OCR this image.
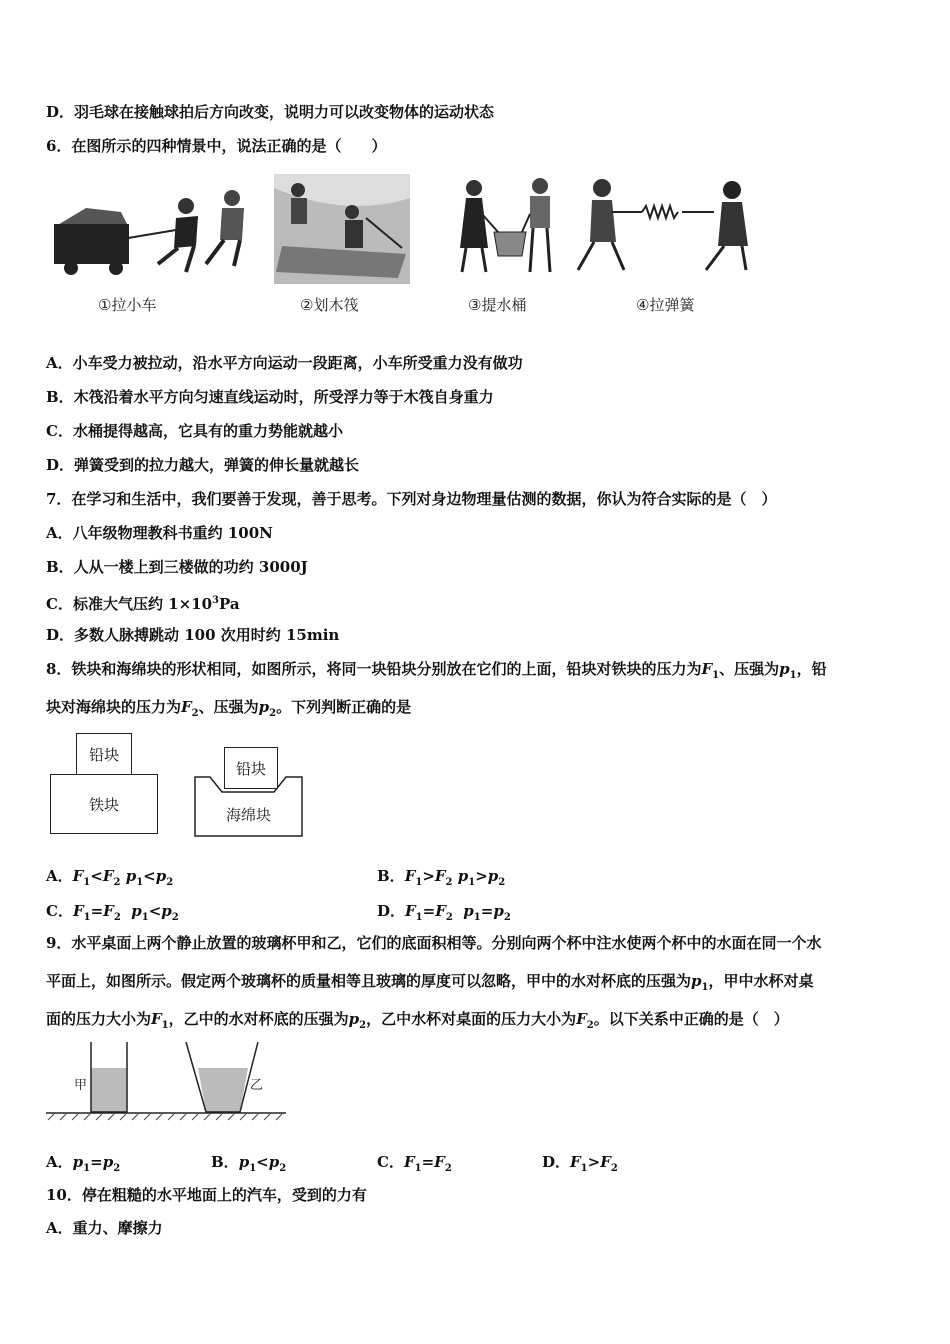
D．羽毛球在接触球拍后方向改变，说明力可以改变物体的运动状态
6．在图所示的四种情景中，说法正确的是（　　）
①拉小车	②划木筏	③提水桶	④拉弹簧
A．小车受力被拉动，沿水平方向运动一段距离，小车所受重力没有做功
B．木筏沿着水平方向匀速直线运动时，所受浮力等于木筏自身重力
C．水桶提得越高，它具有的重力势能就越小
D．弹簧受到的拉力越大，弹簧的伸长量就越长
7．在学习和生活中，我们要善于发现，善于思考。下列对身边物理量估测的数据，你认为符合实际的是（　）
A．八年级物理教科书重约 100N
B．人从一楼上到三楼做的功约 3000J
C．标准大气压约 $1\times 10^3Pa$
D．多数人脉搏跳动 100 次用时约 15min
8．铁块和海绵块的形状相同，如图所示，将同一块铅块分别放在它们的上面，铅块对铁块的压力为$F_1$、压强为$p_1$，铅
块对海绵块的压力为$F_2$、压强为$p_2$。下列判断正确的是
铅块
铁块
铅块
海绵块
A．$F_1<F_2$ $p_1<p_2$	B．$F_1>F_2$ $p_1>p_2$
C．$F_1=F_2$ $p_1<p_2$	D．$F_1=F_2$ $p_1=p_2$
9．水平桌面上两个静止放置的玻璃杯甲和乙，它们的底面积相等。分别向两个杯中注水使两个杯中的水面在同一个水
平面上，如图所示。假定两个玻璃杯的质量相等且玻璃的厚度可以忽略，甲中的水对杯底的压强为$p_1$，甲中水杯对桌
面的压力大小为$F_1$，乙中的水对杯底的压强为$p_2$，乙中水杯对桌面的压力大小为$F_2$。以下关系中正确的是（　）
甲	乙
A．$p_1=p_2$	B．$p_1<p_2$	C．$F_1=F_2$	D．$F_1>F_2$
10．停在粗糙的水平地面上的汽车，受到的力有
A．重力、摩擦力
